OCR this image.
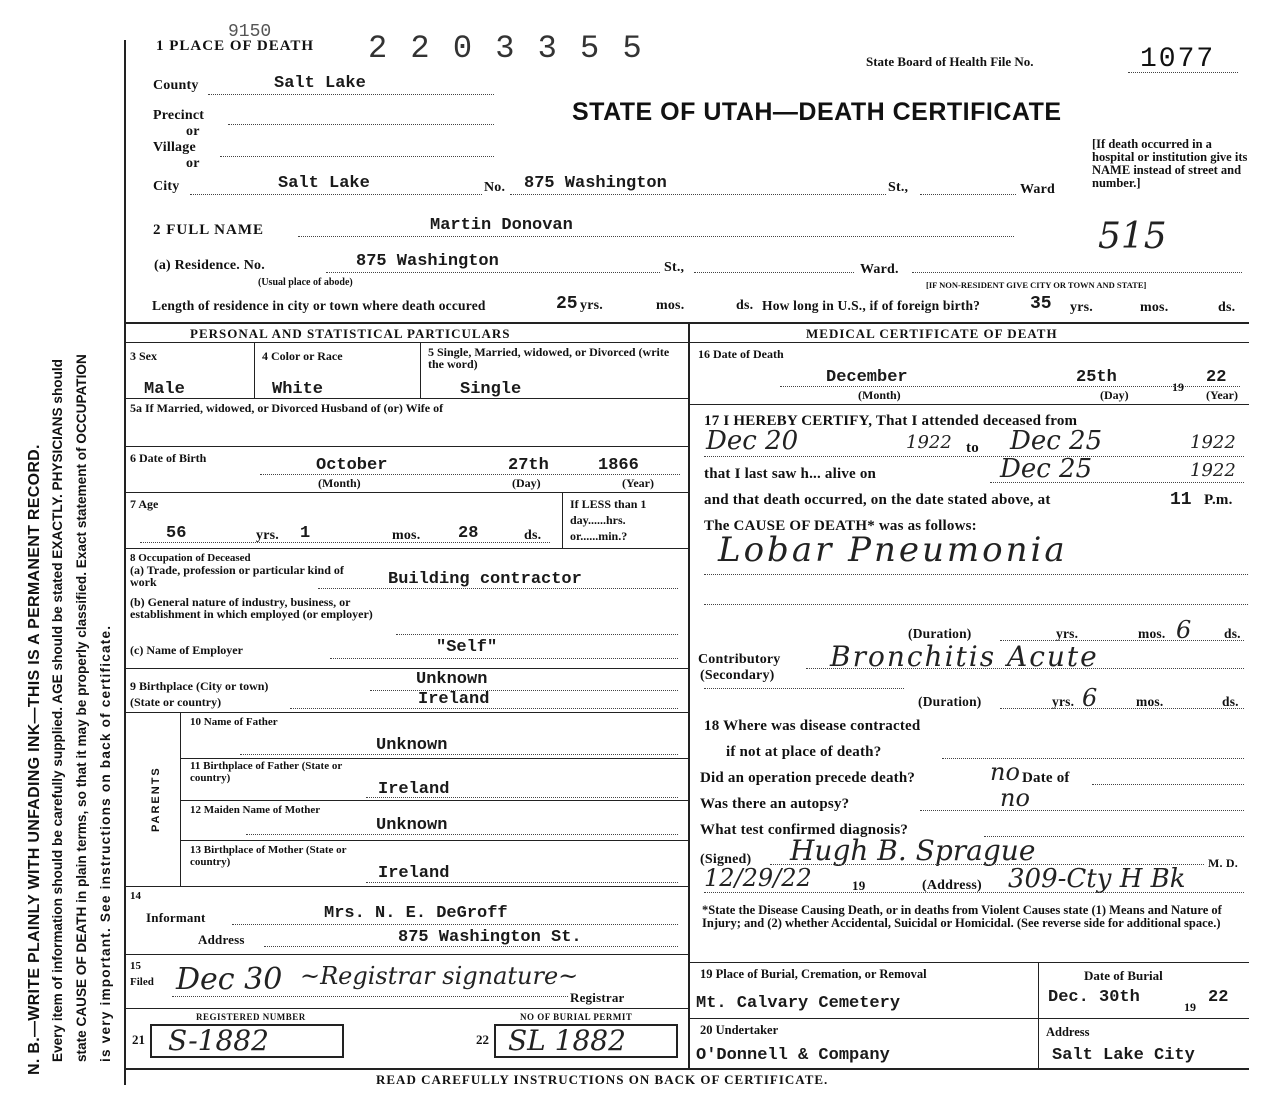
N. B.—WRITE PLAINLY WITH UNFADING INK—THIS IS A PERMANENT RECORD. Every item of information should be carefully supplied. AGE should be stated EXACTLY. PHYSICIANS should state CAUSE OF DEATH in plain terms, so that it may be properly classified. Exact statement of OCCUPATION is very important. See instructions on back of certificate.
1 PLACE OF DEATH
9150	2 2 0 3 3 5 5	State Board of Health File No.	1077
STATE OF UTAH—DEATH CERTIFICATE
[If death occurred in a hospital or institution give its NAME instead of street and number.]
515
County	Salt Lake
Precinct
or
Village
or
City	Salt Lake	No. 875 Washington	St.,	Ward
2 FULL NAME	Martin Donovan
(a) Residence. No.	875 Washington	St.,	Ward.
(Usual place of abode)	[IF NON-RESIDENT GIVE CITY OR TOWN AND STATE]
Length of residence in city or town where death occured	25 yrs.	mos.	ds. How long in U.S., if of foreign birth?	35 yrs.	mos.	ds.
PERSONAL AND STATISTICAL PARTICULARS
3 Sex	4 Color or Race	5 Single, Married, widowed, or Divorced (write the word)
Male	White	Single
5a If Married, widowed, or Divorced Husband of (or) Wife of
6 Date of Birth	October	27th	1866
(Month)	(Day)	(Year)
7 Age
56	yrs. 1	mos. 28	ds.
If LESS than 1 day......hrs. or......min.?
8 Occupation of Deceased
(a) Trade, profession or particular kind of work	Building contractor
(b) General nature of industry, business, or establishment in which employed (or employer)
(c) Name of Employer	"Self"
9 Birthplace (City or town)	Unknown
(State or country)	Ireland
PARENTS
10 Name of Father
Unknown
11 Birthplace of Father (State or country)
Ireland
12 Maiden Name of Mother
Unknown
13 Birthplace of Mother (State or country)
Ireland
14
Informant	Mrs. N. E. DeGroff
Address	875 Washington St.
15
Filed Dec 30 ~Registrar signature~
Registrar
REGISTERED NUMBER
21 S-1882
NO OF BURIAL PERMIT
22 SL 1882
MEDICAL CERTIFICATE OF DEATH
16 Date of Death
December	25th	19 22
(Month)	(Day)	(Year)
17 I HEREBY CERTIFY, That I attended deceased from
Dec 20	1922 to Dec 25	1922
that I last saw h... alive on	Dec 25	1922
and that death occurred, on the date stated above, at	11 P.m.
The CAUSE OF DEATH* was as follows:
Lobar Pneumonia
(Duration)	yrs.	mos. 6 ds.
Contributory
(Secondary)
Bronchitis Acute
(Duration)	yrs. 6	mos.	ds.
18 Where was disease contracted
if not at place of death?
Did an operation precede death?	no Date of
Was there an autopsy?	no
What test confirmed diagnosis?
(Signed) Hugh B. Sprague	M. D.
12/29/22	19	(Address) 309-Cty H Bk
*State the Disease Causing Death, or in deaths from Violent Causes state (1) Means and Nature of Injury; and (2) whether Accidental, Suicidal or Homicidal. (See reverse side for additional space.)
19 Place of Burial, Cremation, or Removal
Mt. Calvary Cemetery
Date of Burial
Dec. 30th	19 22
20 Undertaker
O'Donnell & Company
Address
Salt Lake City
READ CAREFULLY INSTRUCTIONS ON BACK OF CERTIFICATE.
